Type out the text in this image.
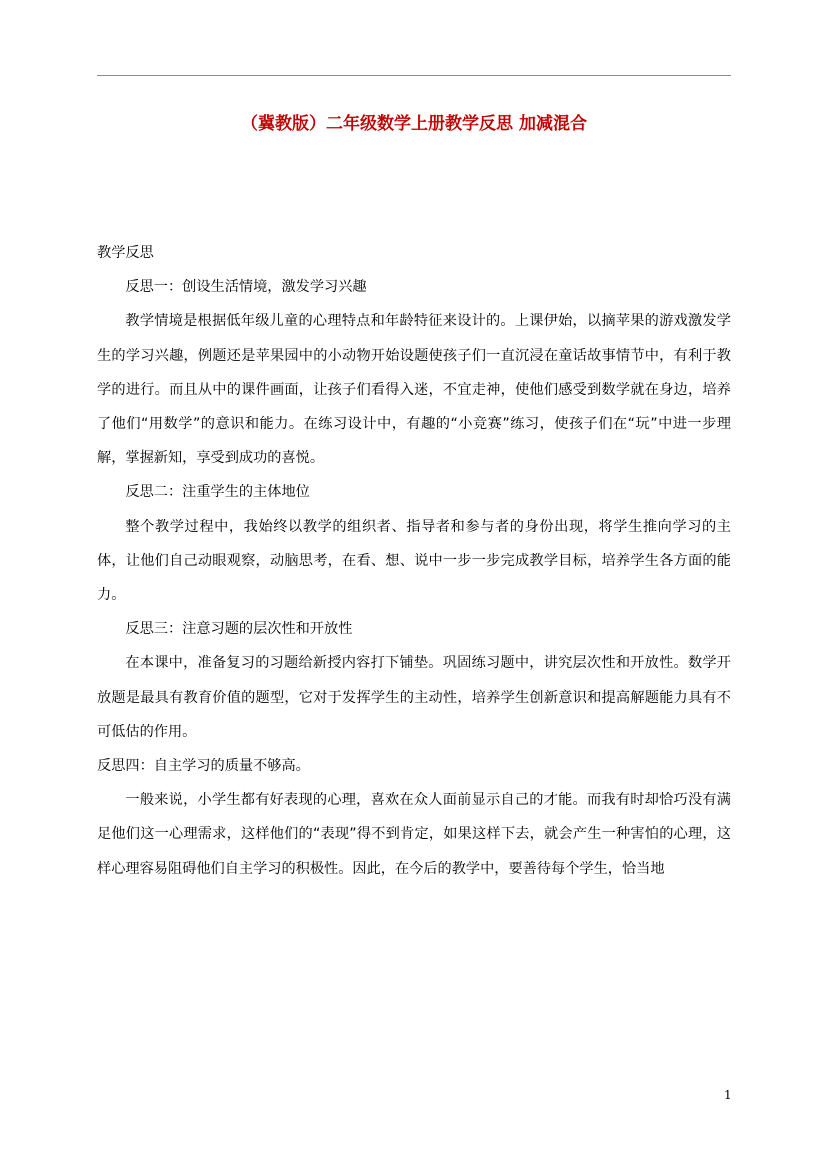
（冀教版）二年级数学上册教学反思 加减混合

教学反思

反思一：创设生活情境，激发学习兴趣

教学情境是根据低年级儿童的心理特点和年龄特征来设计的。上课伊始，以摘苹果的游戏激发学生的学习兴趣，例题还是苹果园中的小动物开始设题使孩子们一直沉浸在童话故事情节中，有利于教学的进行。而且从中的课件画面，让孩子们看得入迷，不宜走神，使他们感受到数学就在身边，培养了他们“用数学”的意识和能力。在练习设计中，有趣的“小竞赛”练习，使孩子们在“玩”中进一步理解，掌握新知，享受到成功的喜悦。

反思二：注重学生的主体地位

整个教学过程中，我始终以教学的组织者、指导者和参与者的身份出现，将学生推向学习的主体，让他们自己动眼观察，动脑思考，在看、想、说中一步一步完成教学目标，培养学生各方面的能力。

反思三：注意习题的层次性和开放性

在本课中，准备复习的习题给新授内容打下铺垫。巩固练习题中，讲究层次性和开放性。数学开放题是最具有教育价值的题型，它对于发挥学生的主动性，培养学生创新意识和提高解题能力具有不可低估的作用。

反思四：自主学习的质量不够高。

一般来说，小学生都有好表现的心理，喜欢在众人面前显示自己的才能。而我有时却恰巧没有满足他们这一心理需求，这样他们的“表现”得不到肯定，如果这样下去，就会产生一种害怕的心理，这样心理容易阻碍他们自主学习的积极性。因此，在今后的教学中，要善待每个学生，恰当地

1
